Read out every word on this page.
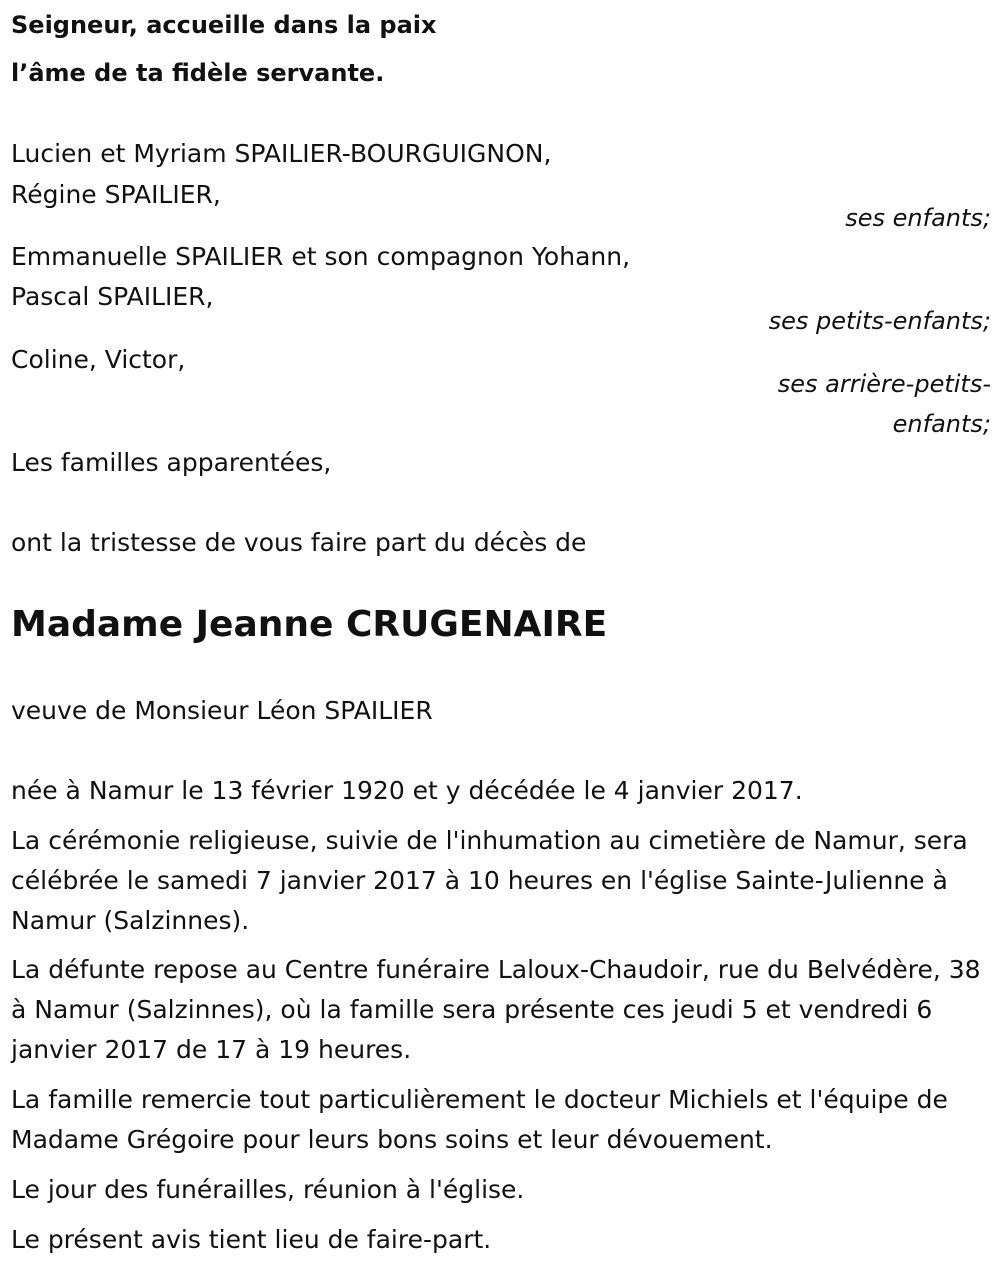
Seigneur, accueille dans la paix
l’âme de ta fidèle servante.
Lucien et Myriam SPAILIER-BOURGUIGNON,
Régine SPAILIER,
ses enfants;
Emmanuelle SPAILIER et son compagnon Yohann,
Pascal SPAILIER,
ses petits-enfants;
Coline, Victor,
ses arrière-petits-
enfants;
Les familles apparentées,
ont la tristesse de vous faire part du décès de
Madame Jeanne CRUGENAIRE
veuve de Monsieur Léon SPAILIER
née à Namur le 13 février 1920 et y décédée le 4 janvier 2017.
La cérémonie religieuse, suivie de l'inhumation au cimetière de Namur, sera célébrée le samedi 7 janvier 2017 à 10 heures en l'église Sainte-Julienne à Namur (Salzinnes).
La défunte repose au Centre funéraire Laloux-Chaudoir, rue du Belvédère, 38 à Namur (Salzinnes), où la famille sera présente ces jeudi 5 et vendredi 6 janvier 2017 de 17 à 19 heures.
La famille remercie tout particulièrement le docteur Michiels et l'équipe de Madame Grégoire pour leurs bons soins et leur dévouement.
Le jour des funérailles, réunion à l'église.
Le présent avis tient lieu de faire-part.
